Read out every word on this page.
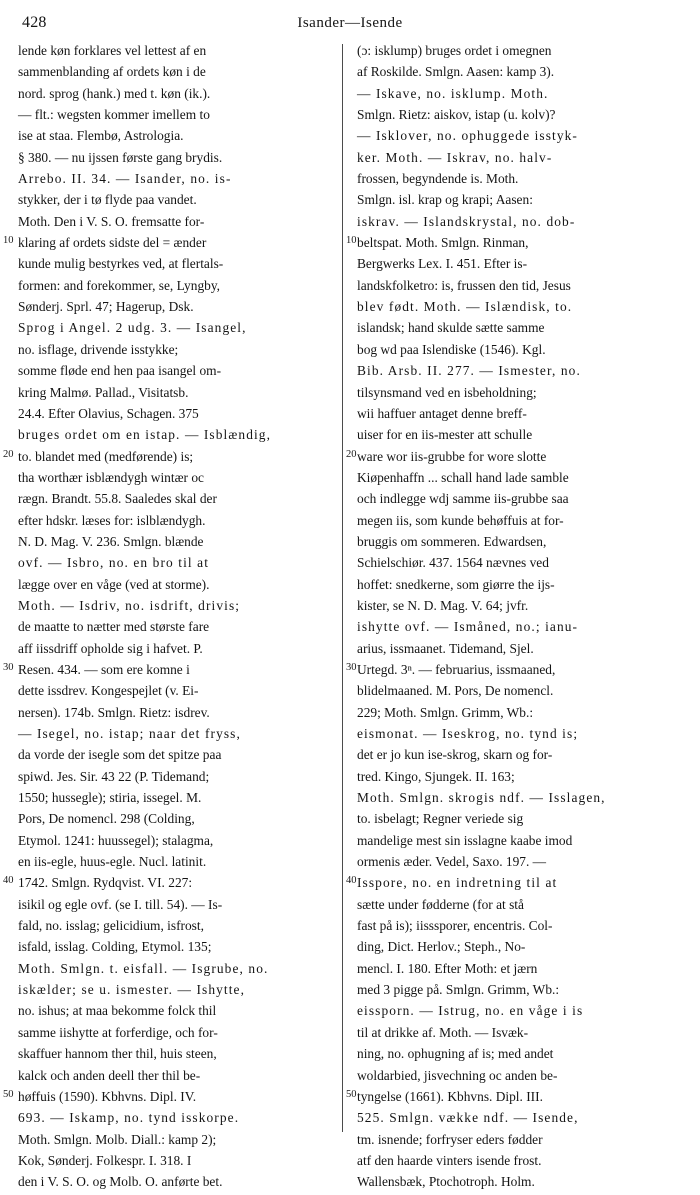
428	Isander—Isende
lende køn forklares vel lettest af en
sammenblanding af ordets køn i de
nord. sprog (hank.) med t. køn (ik.).
— flt.: wegsten kommer imellem to
ise at staa. Flembø, Astrologia.
§ 380. — nu ijssen første gang brydis.
Arrebo. II. 34. — Isander, no. is-
stykker, der i tø flyde paa vandet.
Moth. Den i V. S. O. fremsatte for-
10 klaring af ordets sidste del = ænder
kunde mulig bestyrkes ved, at flertals-
formen: and forekommer, se, Lyngby,
Sønderj. Sprl. 47; Hagerup, Dsk.
Sprog i Angel. 2 udg. 3. — Isangel,
no. isflage, drivende isstykke;
somme fløde end hen paa isangel om-
kring Malmø. Pallad., Visitatsb.
24.4. Efter Olavius, Schagen. 375
bruges ordet om en istap. — Isblændig,
20 to. blandet med (medførende) is;
tha worthær isblændygh wintær oc
rægn. Brandt. 55.8. Saaledes skal der
efter hdskr. læses for: islblændygh.
N. D. Mag. V. 236. Smlgn. blænde
ovf. — Isbro, no. en bro til at
lægge over en våge (ved at storme).
Moth. — Isdriv, no. isdrift, drivis;
de maatte to nætter med største fare
aff iissdriff opholde sig i hafvet. P.
30 Resen. 434. — som ere komne i
dette issdrev. Kongespejlet (v. Ei-
nersen). 174b. Smlgn. Rietz: isdrev.
— Isegel, no. istap; naar det fryss,
da vorde der isegle som det spitze paa
spiwd. Jes. Sir. 43 22 (P. Tidemand;
1550; hussegle); stiria, issegel. M.
Pors, De nomencl. 298 (Colding,
Etymol. 1241: huussegel); stalagma,
en iis-egle, huus-egle. Nucl. latinit.
40 1742. Smlgn. Rydqvist. VI. 227:
isikil og egle ovf. (se I. till. 54). — Is-
fald, no. isslag; gelicidium, isfrost,
isfald, isslag. Colding, Etymol. 135;
Moth. Smlgn. t. eisfall. — Isgrube, no.
iskælder; se u. ismester. — Ishytte,
no. ishus; at maa bekomme folck thil
samme iishytte at forferdige, och for-
skaffuer hannom ther thil, huis steen,
kalck och anden deell ther thil be-
50 høffuis (1590). Kbhvns. Dipl. IV.
693. — Iskamp, no. tynd isskorpe.
Moth. Smlgn. Molb. Diall.: kamp 2);
Kok, Sønderj. Folkespr. I. 318. I
den i V. S. O. og Molb. O. anførte bet.
(ɔ: isklump) bruges ordet i omegnen
af Roskilde. Smlgn. Aasen: kamp 3).
— Iskave, no. isklump. Moth.
Smlgn. Rietz: aiskov, istap (u. kolv)?
— Isklover, no. ophuggede isstyk-
ker. Moth. — Iskrav, no. halv-
frossen, begyndende is. Moth.
Smlgn. isl. krap og krapi; Aasen:
iskrav. — Islandskrystal, no. dob-
10 beltspat. Moth. Smlgn. Rinman,
Bergwerks Lex. I. 451. Efter is-
landskfolketro: is, frussen den tid, Jesus
blev født. Moth. — Islændisk, to.
islandsk; hand skulde sætte samme
bog wd paa Islendiske (1546). Kgl.
Bib. Arsb. II. 277. — Ismester, no.
tilsynsmand ved en isbeholdning;
wii haffuer antaget denne breff-
uiser for en iis-mester att schulle
20 ware wor iis-grubbe for wore slotte
Kiøpenhaffn ... schall hand lade samble
och indlegge wdj samme iis-grubbe saa
megen iis, som kunde behøffuis at for-
bruggis om sommeren. Edwardsen,
Schielschiør. 437. 1564 nævnes ved
hoffet: snedkerne, som giørre the ijs-
kister, se N. D. Mag. V. 64; jvfr.
ishytte ovf. — Ismåned, no.; ianu-
arius, issmaanet. Tidemand, Sjel.
30 Urtegd. 3ⁿ. — februarius, issmaaned,
blidelmaaned. M. Pors, De nomencl.
229; Moth. Smlgn. Grimm, Wb.:
eismonat. — Iseskrog, no. tynd is;
det er jo kun ise-skrog, skarn og for-
tred. Kingo, Sjungek. II. 163;
Moth. Smlgn. skrogis ndf. — Isslagen,
to. isbelagt; Regner veriede sig
mandelige mest sin isslagne kaabe imod
ormenis æder. Vedel, Saxo. 197. —
40 Isspore, no. en indretning til at
sætte under fødderne (for at stå
fast på is); iisssporer, encentris. Col-
ding, Dict. Herlov.; Steph., No-
mencl. I. 180. Efter Moth: et jærn
med 3 pigge på. Smlgn. Grimm, Wb.:
eissporn. — Istrug, no. en våge i is
til at drikke af. Moth. — Isvæk-
ning, no. ophugning af is; med andet
woldarbied, jisvechning oc anden be-
50 tyngelse (1661). Kbhvns. Dipl. III.
525. Smlgn. vække ndf. — Isende,
tm. isnende; forfryser eders fødder
atf den haarde vinters isende frost.
Wallensbæk, Ptochotroph. Holm.
